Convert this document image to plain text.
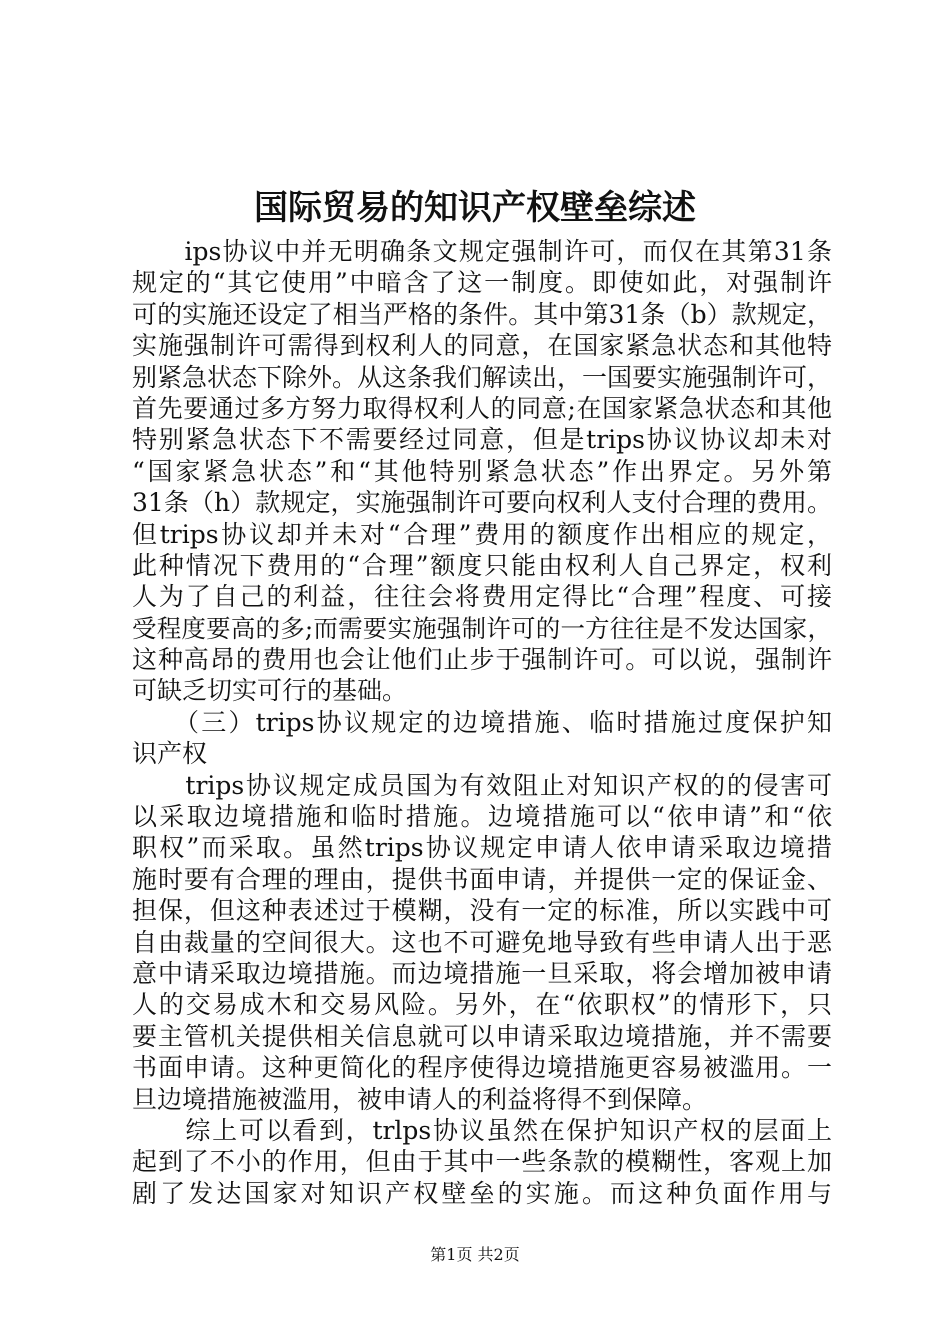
国际贸易的知识产权壁垒综述
　　ips协议中并无明确条文规定强制许可，而仅在其第31条
规定的“其它使用”中暗含了这一制度。即使如此，对强制许
可的实施还设定了相当严格的条件。其中第31条（b）款规定，
实施强制许可需得到权利人的同意，在国家紧急状态和其他特
别紧急状态下除外。从这条我们解读出，一国要实施强制许可，
首先要通过多方努力取得权利人的同意;在国家紧急状态和其他
特别紧急状态下不需要经过同意，但是trips协议协议却未对
“国家紧急状态”和“其他特别紧急状态”作出界定。另外第
31条（h）款规定，实施强制许可要向权利人支付合理的费用。
但trips协议却并未对“合理”费用的额度作出相应的规定，
此种情况下费用的“合理”额度只能由权利人自己界定，权利
人为了自己的利益，往往会将费用定得比“合理”程度、可接
受程度要高的多;而需要实施强制许可的一方往往是不发达国家，
这种高昂的费用也会让他们止步于强制许可。可以说，强制许
可缺乏切实可行的基础。
　　（三）trips协议规定的边境措施、临时措施过度保护知
识产权
　　trips协议规定成员国为有效阻止对知识产权的的侵害可
以采取边境措施和临时措施。边境措施可以“依申请”和“依
职权”而采取。虽然trips协议规定申请人依申请采取边境措
施时要有合理的理由，提供书面申请，并提供一定的保证金、
担保，但这种表述过于模糊，没有一定的标准，所以实践中可
自由裁量的空间很大。这也不可避免地导致有些申请人出于恶
意中请采取边境措施。而边境措施一旦采取，将会增加被申请
人的交易成木和交易风险。另外，在“依职权”的情形下，只
要主管机关提供相关信息就可以申请采取边境措施，并不需要
书面申请。这种更简化的程序使得边境措施更容易被滥用。一
旦边境措施被滥用，被申请人的利益将得不到保障。
　　综上可以看到，trlps协议虽然在保护知识产权的层面上
起到了不小的作用，但由于其中一些条款的模糊性，客观上加
剧了发达国家对知识产权壁垒的实施。而这种负面作用与
第1页 共2页
